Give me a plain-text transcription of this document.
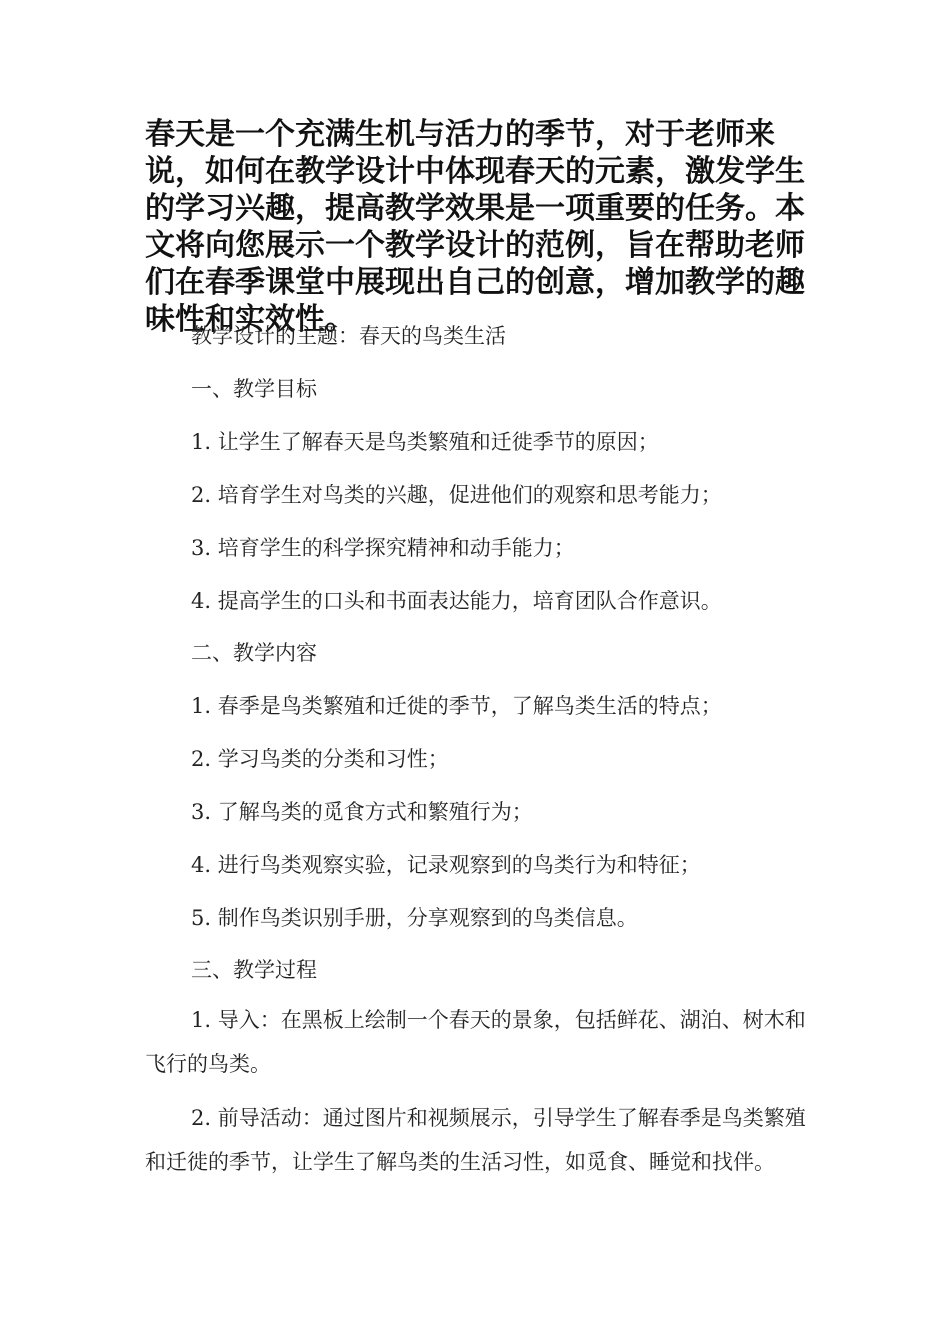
春天是一个充满生机与活力的季节，对于老师来说，如何在教学设计中体现春天的元素，激发学生的学习兴趣，提高教学效果是一项重要的任务。本文将向您展示一个教学设计的范例，旨在帮助老师们在春季课堂中展现出自己的创意，增加教学的趣味性和实效性。

教学设计的主题：春天的鸟类生活

一、教学目标

1. 让学生了解春天是鸟类繁殖和迁徙季节的原因；

2. 培育学生对鸟类的兴趣，促进他们的观察和思考能力；

3. 培育学生的科学探究精神和动手能力；

4. 提高学生的口头和书面表达能力，培育团队合作意识。

二、教学内容

1. 春季是鸟类繁殖和迁徙的季节，了解鸟类生活的特点；

2. 学习鸟类的分类和习性；

3. 了解鸟类的觅食方式和繁殖行为；

4. 进行鸟类观察实验，记录观察到的鸟类行为和特征；

5. 制作鸟类识别手册，分享观察到的鸟类信息。

三、教学过程

1. 导入：在黑板上绘制一个春天的景象，包括鲜花、湖泊、树木和飞行的鸟类。

2. 前导活动：通过图片和视频展示，引导学生了解春季是鸟类繁殖和迁徙的季节，让学生了解鸟类的生活习性，如觅食、睡觉和找伴。
